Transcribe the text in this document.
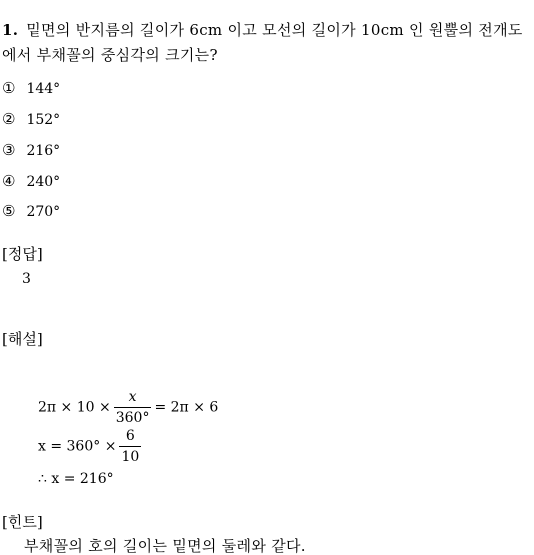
1. 밑면의 반지름의 길이가 6cm 이고 모선의 길이가 10cm 인 원뿔의 전개도
에서 부채꼴의 중심각의 크기는?
① 144°
② 152°
③ 216°
④ 240°
⑤ 270°
[정답]
3
[해설]
$2\pi \times 10 \times \frac{x}{360^\circ} = 2\pi \times 6$
$x = 360^\circ \times \frac{6}{10}$
∴ x = 216°
[힌트]
부채꼴의 호의 길이는 밑면의 둘레와 같다.
